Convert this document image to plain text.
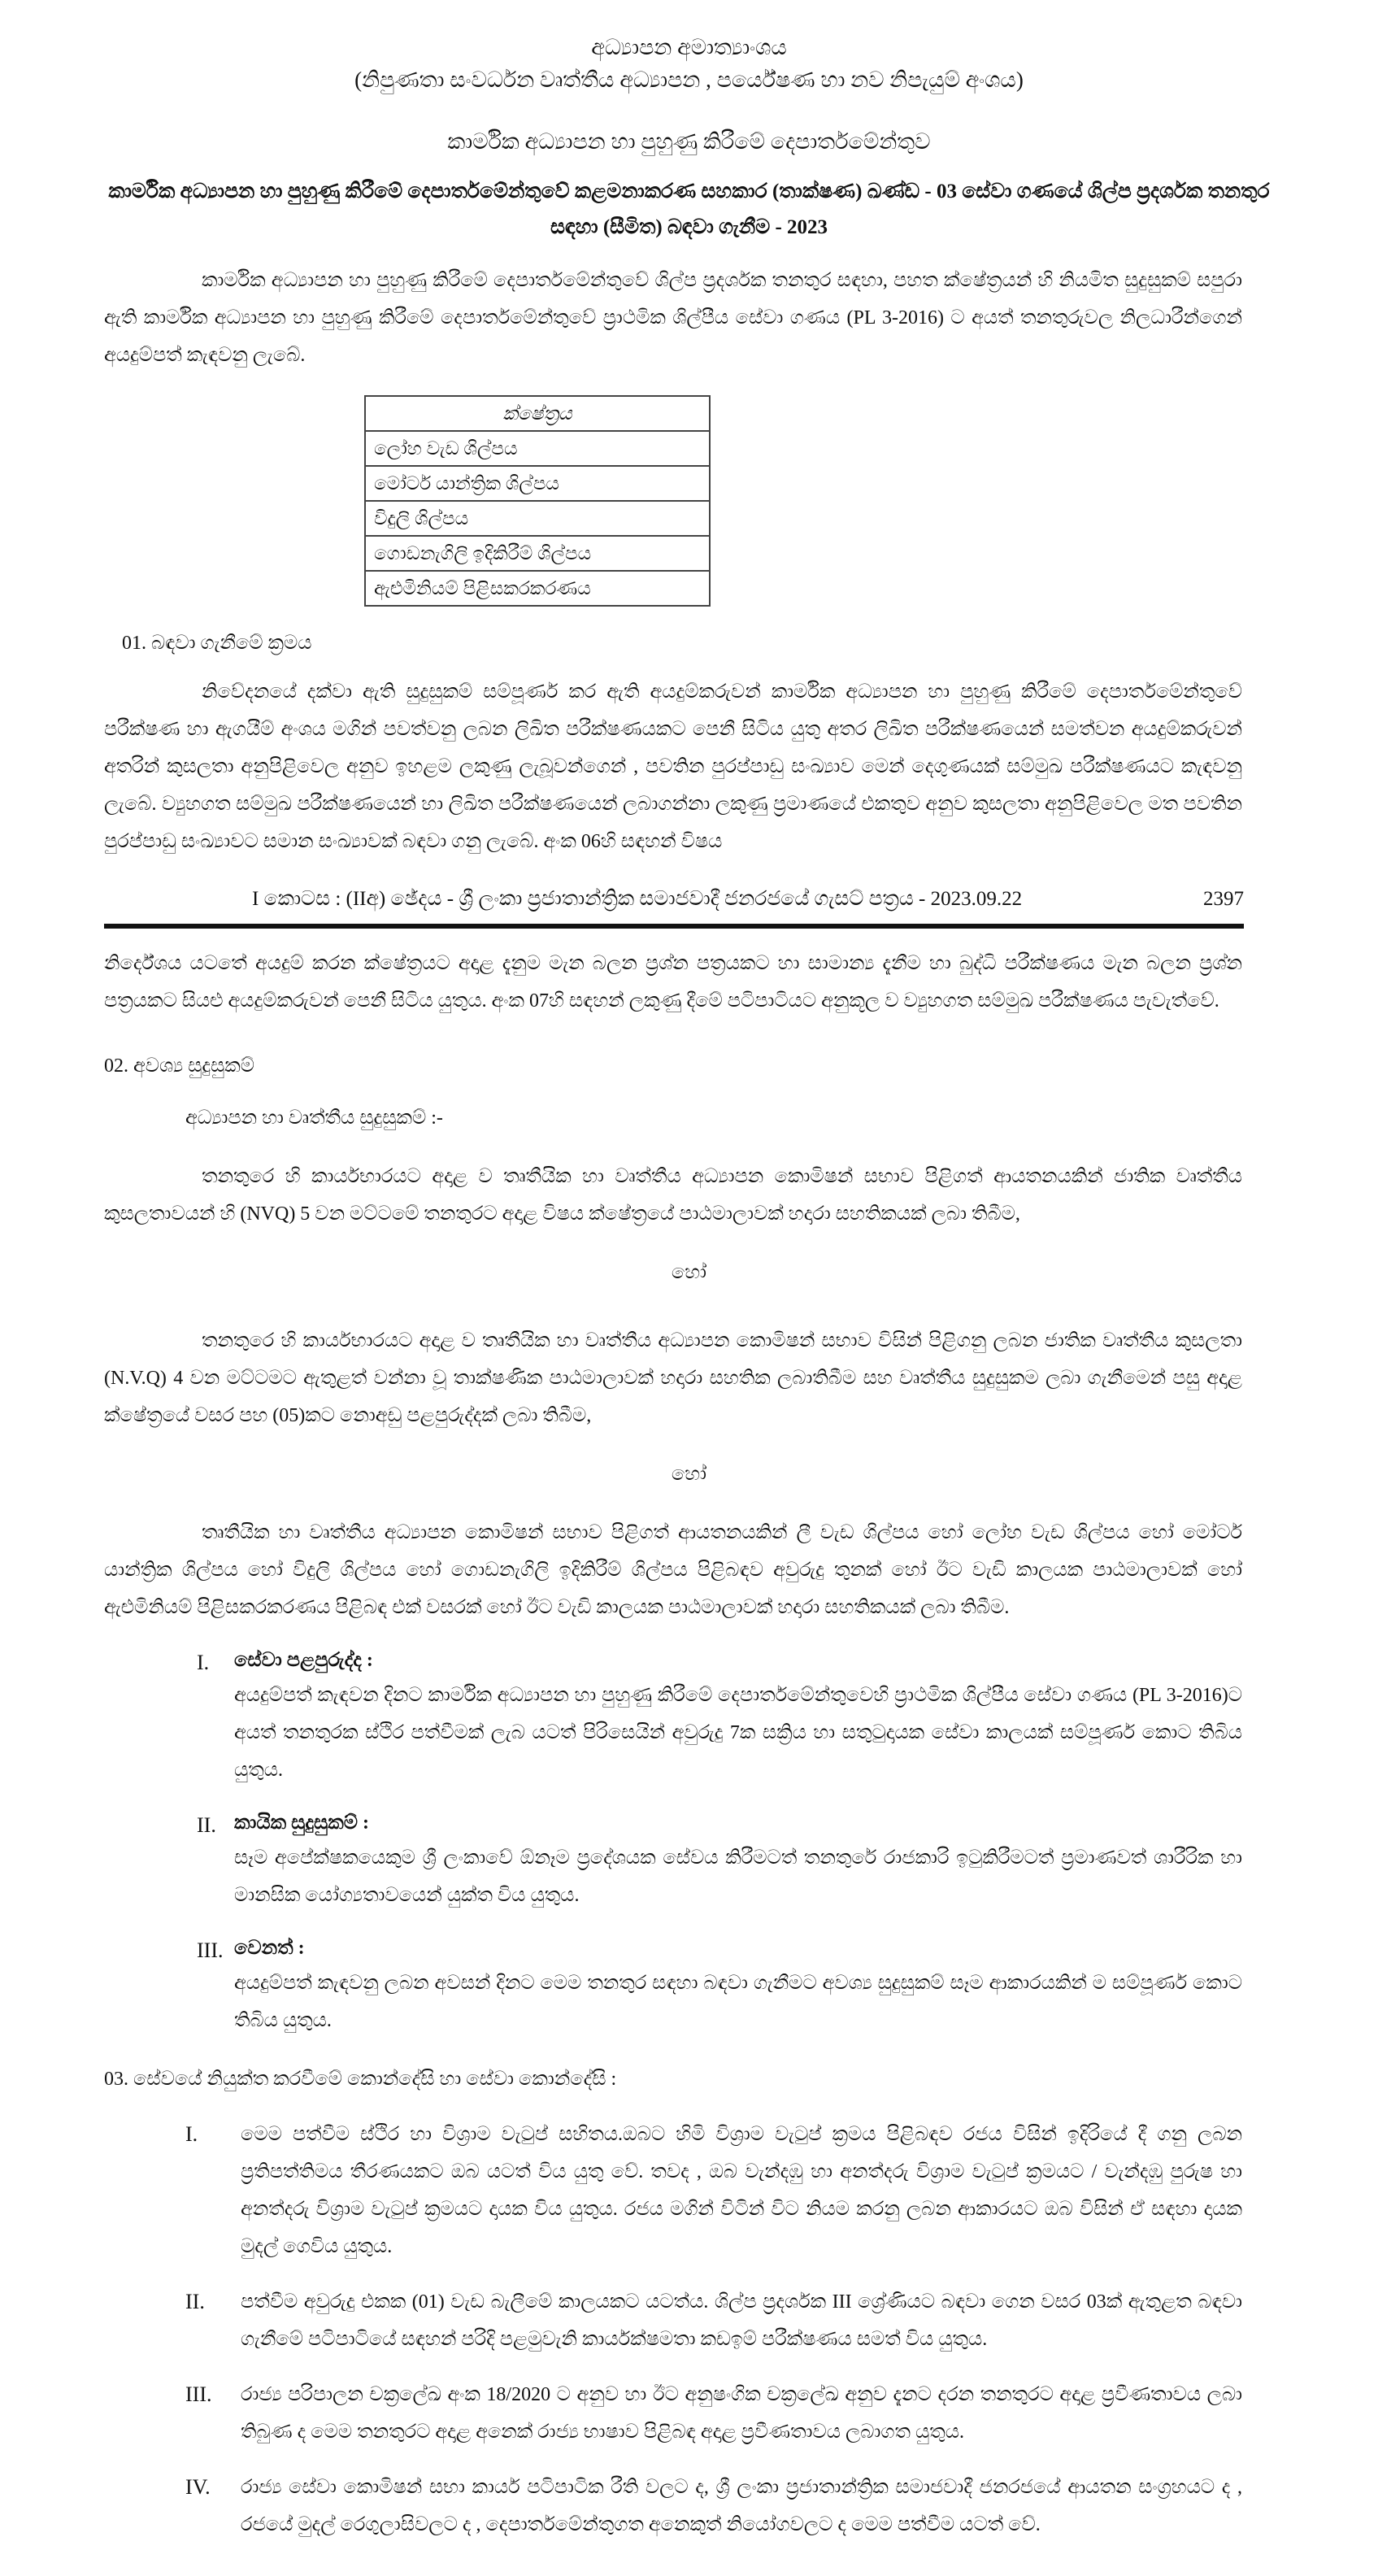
අධ්‍යාපන අමාත්‍යාංශය
(නිපුණතා සංවර්ධන වෘත්තීය අධ්‍යාපන , පර්යේෂණ හා නව නිපැයුම් අංශය)
කාර්මික අධ්‍යාපන හා පුහුණු කිරීමේ දෙපාර්තමේන්තුව
කාර්මික අධ්‍යාපන හා පුහුණු කිරීමේ දෙපාර්තමේන්තුවේ කළමනාකරණ සහකාර (තාක්ෂණ) ඛණ්ඩ - 03 සේවා ගණයේ ශිල්ප ප්‍රදර්ශක තනතුර
සඳහා (සීමිත) බඳවා ගැනීම - 2023
කාර්මික අධ්‍යාපන හා පුහුණු කිරීමේ දෙපාර්තමේන්තුවේ ශිල්ප ප්‍රදර්ශක තනතුර සඳහා, පහත ක්ෂේත්‍රයන් හි නියමිත සුදුසුකම් සපුරා ඇති කාර්මික අධ්‍යාපන හා පුහුණු කිරීමේ දෙපාර්තමේන්තුවේ ප්‍රාථමික ශිල්පීය සේවා ගණය (PL 3-2016) ට අයත් තනතුරුවල නිලධාරීන්ගෙන් අයදුම්පත් කැඳවනු ලැබේ.
ක්ෂේත්‍රය
ලෝහ වැඩ ශිල්පය
මෝටර් යාන්ත්‍රික ශිල්පය
විදුලි ශිල්පය
ගොඩනැගිලි ඉදිකිරීම් ශිල්පය
ඇළුමිනියම් පිළිසකරකරණය
01. බඳවා ගැනීමේ ක්‍රමය
නිවේදනයේ දක්වා ඇති සුදුසුකම් සම්පූර්ණ කර ඇති අයදුම්කරුවන් කාර්මික අධ්‍යාපන හා පුහුණු කිරීමේ දෙපාර්තමේන්තුවේ පරීක්ෂණ හා ඇගයීම් අංශය මගින් පවත්වනු ලබන ලිඛිත පරීක්ෂණයකට පෙනී සිටිය යුතු අතර ලිඛිත පරීක්ෂණයෙන් සමත්වන අයදුම්කරුවන් අතරින් කුසලතා අනුපිළිවෙල අනුව ඉහළම ලකුණු ලැබූවන්ගෙන් , පවතින පුරප්පාඩු සංඛ්‍යාව මෙන් දෙගුණයක් සම්මුඛ පරීක්ෂණයට කැඳවනු ලැබේ. ව්‍යුහගත සම්මුඛ පරීක්ෂණයෙන් හා ලිඛිත පරීක්ෂණයෙන් ලබාගන්නා ලකුණු ප්‍රමාණයේ එකතුව අනුව කුසලතා අනුපිළිවෙල මත පවතින පුරප්පාඩු සංඛ්‍යාවට සමාන සංඛ්‍යාවක් බඳවා ගනු ලැබේ. අංක 06හි සඳහන් විෂය
I කොටස : (IIඅ) ඡේදය - ශ්‍රී ලංකා ප්‍රජාතාන්ත්‍රික සමාජවාදී ජනරජයේ ගැසට් පත්‍රය - 2023.09.22	2397
නිර්දේශය යටතේ අයදුම් කරන ක්ෂේත්‍රයට අදාළ දැනුම මැන බලන ප්‍රශ්න පත්‍රයකට හා සාමාන්‍ය දැනීම හා බුද්ධි පරීක්ෂණය මැන බලන ප්‍රශ්න පත්‍රයකට සියළු අයදුම්කරුවන් පෙනී සිටිය යුතුය. අංක 07හි සඳහන් ලකුණු දීමේ පටිපාටියට අනුකූල ව ව්‍යුහගත සම්මුඛ පරීක්ෂණය පැවැත්වේ.
02. අවශ්‍ය සුදුසුකම්
අධ්‍යාපන හා වෘත්තීය සුදුසුකම් :-
තනතුරෙ හි කාර්යභාරයට අදාළ ව තෘතීයික හා වෘත්තීය අධ්‍යාපන කොමිෂන් සභාව පිළිගත් ආයතනයකින් ජාතික වෘත්තීය කුසලතාවයන් හි (NVQ) 5 වන මට්ටමේ තනතුරට අදාළ විෂය ක්ෂේත්‍රයේ පාඨමාලාවක් හදාරා සහතිකයක් ලබා තිබීම,
හෝ
තනතුරෙ හි කාර්යභාරයට අදාළ ව තෘතීයික හා වෘත්තීය අධ්‍යාපන කොමිෂන් සභාව විසින් පිළිගනු ලබන ජාතික වෘත්තීය කුසලතා (N.V.Q) 4 වන මට්ටමට ඇතුළත් වන්නා වූ තාක්ෂණික පාඨමාලාවක් හදාරා සහතික ලබාතිබීම සහ වෘත්තීය සුදුසුකම ලබා ගැනීමෙන් පසු අදාළ ක්ෂේත්‍රයේ වසර පහ (05)කට නොඅඩු පළපුරුද්දක් ලබා තිබීම,
හෝ
තෘතීයික හා වෘත්තීය අධ්‍යාපන කොමිෂන් සභාව පිළිගත් ආයතනයකින් ලී වැඩ ශිල්පය හෝ ලෝහ වැඩ ශිල්පය හෝ මෝටර් යාන්ත්‍රික ශිල්පය හෝ විදුලි ශිල්පය හෝ ගොඩනැගිලි ඉදිකිරීම් ශිල්පය පිළිබඳව අවුරුදු තුනක් හෝ ඊට වැඩි කාලයක පාඨමාලාවක් හෝ ඇළුමිනියම් පිළිසකරකරණය පිළිබඳ එක් වසරක් හෝ ඊට වැඩි කාලයක පාඨමාලාවක් හදාරා සහතිකයක් ලබා තිබීම.
I. සේවා පළපුරුද්ද :
අයදුම්පත් කැඳවන දිනට කාර්මික අධ්‍යාපන හා පුහුණු කිරීමේ දෙපාර්තමේන්තුවෙහි ප්‍රාථමික ශිල්පීය සේවා ගණය (PL 3-2016)ට අයත් තනතුරක ස්ථිර පත්වීමක් ලැබ යටත් පිරිසෙයින් අවුරුදු 7ක සක්‍රිය හා සතුටුදායක සේවා කාලයක් සම්පූර්ණ කොට තිබිය යුතුය.
II. කායික සුදුසුකම් :
සෑම අපේක්ෂකයෙකුම ශ්‍රී ලංකාවේ ඕනෑම ප්‍රදේශයක සේවය කිරීමටත් තනතුරේ රාජකාරි ඉටුකිරීමටත් ප්‍රමාණවත් ශාරීරික හා මානසික යෝග්‍යතාවයෙන් යුක්ත විය යුතුය.
III. වෙනත් :
අයදුම්පත් කැඳවනු ලබන අවසන් දිනට මෙම තනතුර සඳහා බඳවා ගැනීමට අවශ්‍ය සුදුසුකම් සෑම ආකාරයකින් ම සම්පූර්ණ කොට තිබිය යුතුය.
03. සේවයේ නියුක්ත කරවීමේ කොන්දේසි හා සේවා කොන්දේසි :
I. මෙම පත්වීම ස්ථිර හා විශ්‍රාම වැටුප් සහිතය.ඔබට හිමි විශ්‍රාම වැටුප් ක්‍රමය පිළිබඳව රජය විසින් ඉදිරියේ දී ගනු ලබන ප්‍රතිපත්තිමය තීරණයකට ඔබ යටත් විය යුතු වේ. තවද , ඔබ වැන්දඹු හා අනත්දරු විශ්‍රාම වැටුප් ක්‍රමයට / වැන්දඹු පුරුෂ හා අනත්දරු විශ්‍රාම වැටුප් ක්‍රමයට දායක විය යුතුය. රජය මගින් විටින් විට නියම කරනු ලබන ආකාරයට ඔබ විසින් ඒ සඳහා දායක මුදල් ගෙවිය යුතුය.
II. පත්වීම අවුරුදු එකක (01) වැඩ බැලීමේ කාලයකට යටත්ය. ශිල්ප ප්‍රදර්ශක III ශ්‍රේණියට බඳවා ගෙන වසර 03ක් ඇතුළත බඳවා ගැනීමේ පටිපාටියේ සඳහන් පරිදි පළමුවැනි කාර්යක්ෂමතා කඩඉම් පරීක්ෂණය සමත් විය යුතුය.
III. රාජ්‍ය පරිපාලන චක්‍රලේඛ අංක 18/2020 ට අනුව හා ඊට අනුෂංගික චක්‍රලේඛ අනුව දැනට දරන තනතුරට අදාළ ප්‍රවීණතාවය ලබා තිබුණ ද මෙම තනතුරට අදාළ අනෙක් රාජ්‍ය භාෂාව පිළිබඳ අදාළ ප්‍රවීණතාවය ලබාගත යුතුය.
IV. රාජ්‍ය සේවා කොමිෂන් සභා කාර්ය පටිපාටික රීති වලට ද, ශ්‍රී ලංකා ප්‍රජාතාන්ත්‍රික සමාජවාදී ජනරජයේ ආයතන සංග්‍රහයට ද , රජයේ මුදල් රෙගුලාසිවලට ද , දෙපාර්තමේන්තුගත අනෙකුත් නියෝගවලට ද මෙම පත්වීම යටත් වේ.
